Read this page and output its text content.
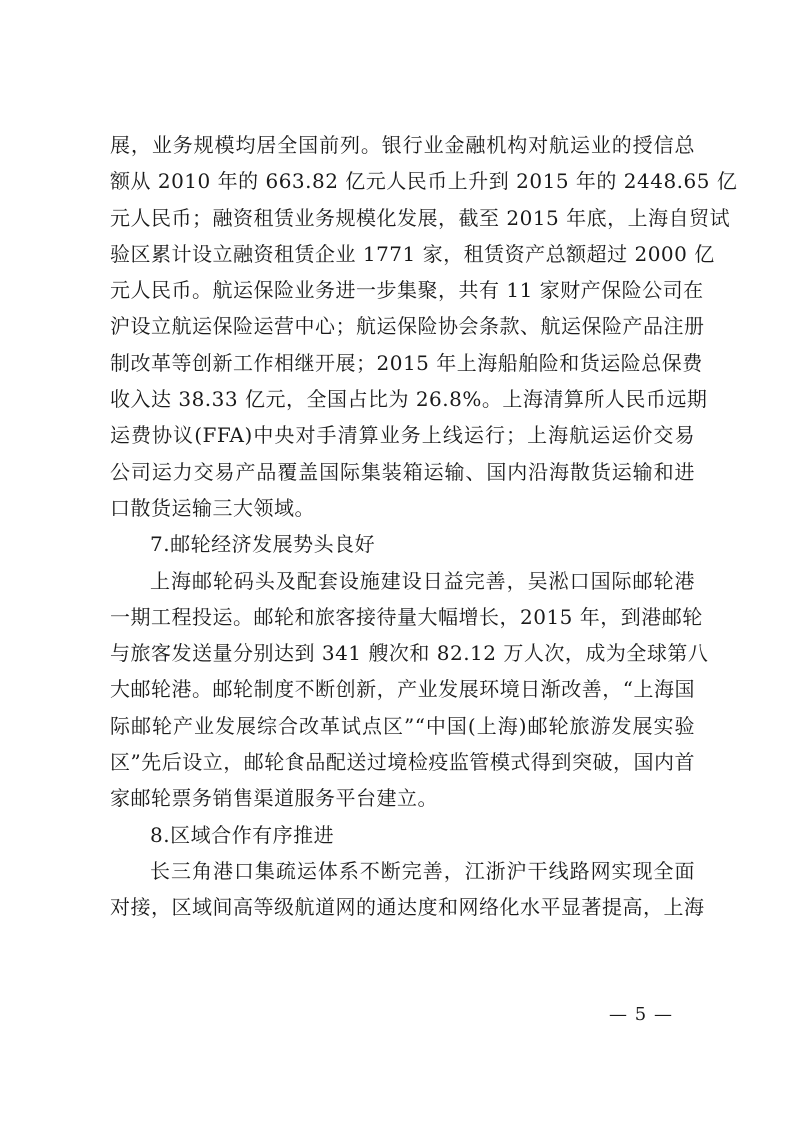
展，业务规模均居全国前列。银行业金融机构对航运业的授信总
额从 2010 年的 663.82 亿元人民币上升到 2015 年的 2448.65 亿
元人民币；融资租赁业务规模化发展，截至 2015 年底，上海自贸试
验区累计设立融资租赁企业 1771 家，租赁资产总额超过 2000 亿
元人民币。航运保险业务进一步集聚，共有 11 家财产保险公司在
沪设立航运保险运营中心；航运保险协会条款、航运保险产品注册
制改革等创新工作相继开展；2015 年上海船舶险和货运险总保费
收入达 38.33 亿元，全国占比为 26.8%。上海清算所人民币远期
运费协议(FFA)中央对手清算业务上线运行；上海航运运价交易
公司运力交易产品覆盖国际集装箱运输、国内沿海散货运输和进
口散货运输三大领域。
7.邮轮经济发展势头良好
上海邮轮码头及配套设施建设日益完善，吴淞口国际邮轮港
一期工程投运。邮轮和旅客接待量大幅增长，2015 年，到港邮轮
与旅客发送量分别达到 341 艘次和 82.12 万人次，成为全球第八
大邮轮港。邮轮制度不断创新，产业发展环境日渐改善，“上海国
际邮轮产业发展综合改革试点区”“中国(上海)邮轮旅游发展实验
区”先后设立，邮轮食品配送过境检疫监管模式得到突破，国内首
家邮轮票务销售渠道服务平台建立。
8.区域合作有序推进
长三角港口集疏运体系不断完善，江浙沪干线路网实现全面
对接，区域间高等级航道网的通达度和网络化水平显著提高，上海
— 5 —
